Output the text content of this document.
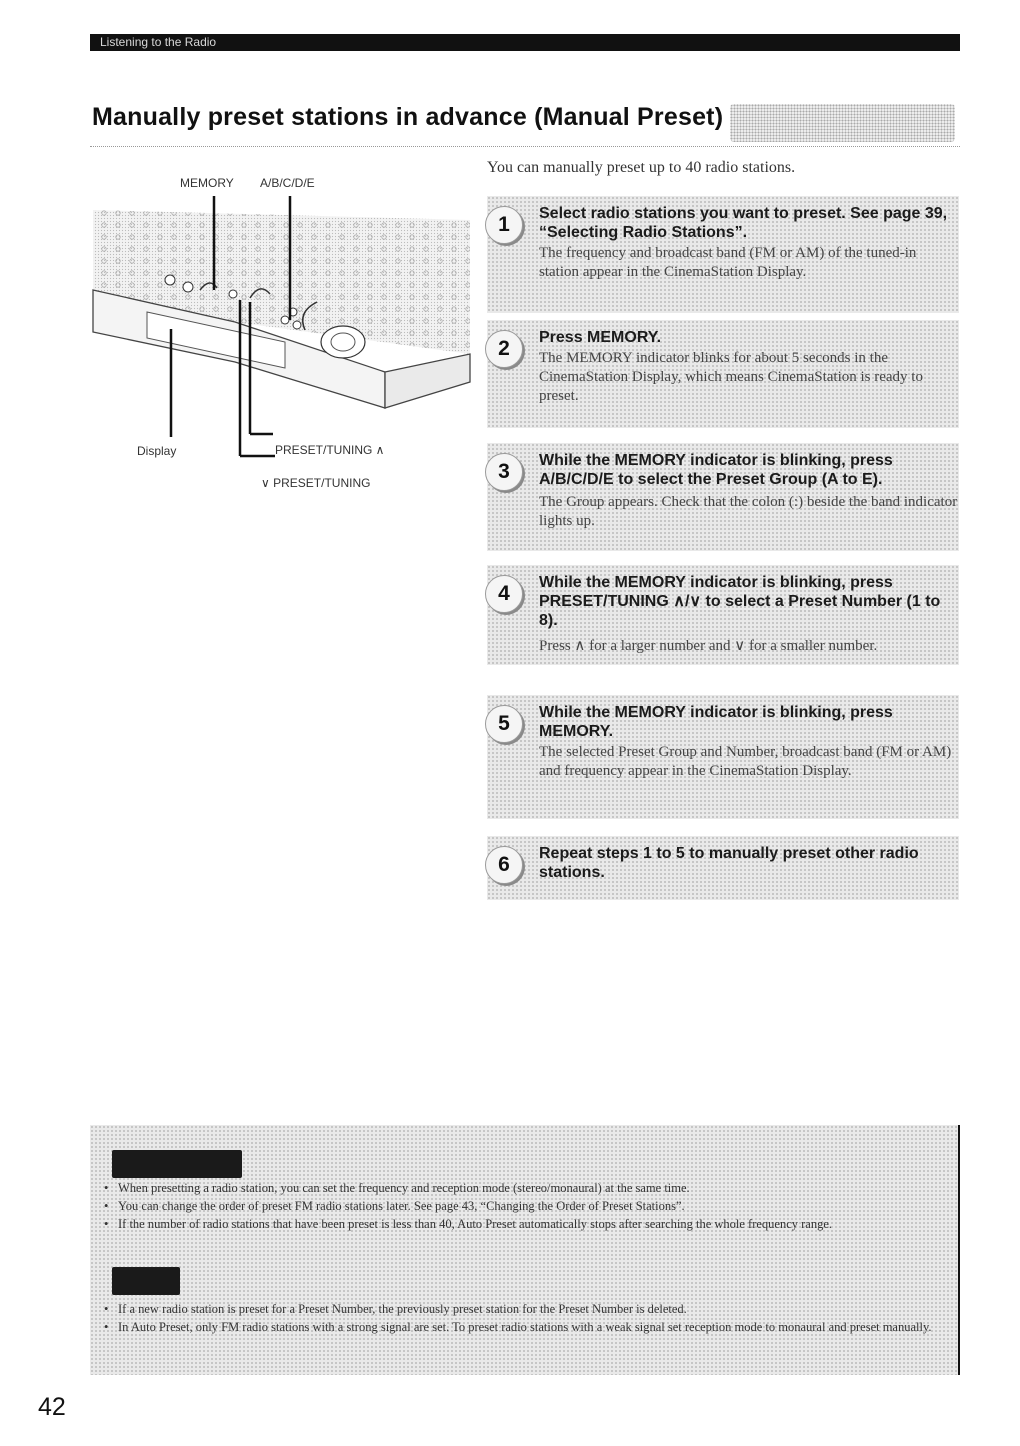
Listening to the Radio
Manually preset stations in advance (Manual Preset)
You can manually preset up to 40 radio stations.
MEMORY A/B/C/D/E
Display	PRESET/TUNING ∧
∨ PRESET/TUNING
1	Select radio stations you want to preset. See page 39, “Selecting Radio Stations”.
The frequency and broadcast band (FM or AM) of the tuned-in station appear in the CinemaStation Display.
2	Press MEMORY.
The MEMORY indicator blinks for about 5 seconds in the CinemaStation Display, which means CinemaStation is ready to preset.
3	While the MEMORY indicator is blinking, press A/B/C/D/E to select the Preset Group (A to E).
The Group appears. Check that the colon (:) beside the band indicator lights up.
4	While the MEMORY indicator is blinking, press PRESET/TUNING ∧/∨ to select a Preset Number (1 to 8).
Press ∧ for a larger number and ∨ for a smaller number.
5	While the MEMORY indicator is blinking, press MEMORY.
The selected Preset Group and Number, broadcast band (FM or AM) and frequency appear in the CinemaStation Display.
6	Repeat steps 1 to 5 to manually preset other radio stations.
• When presetting a radio station, you can set the frequency and reception mode (stereo/monaural) at the same time.
• You can change the order of preset FM radio stations later. See page 43, “Changing the Order of Preset Stations”.
• If the number of radio stations that have been preset is less than 40, Auto Preset automatically stops after searching the whole frequency range.
• If a new radio station is preset for a Preset Number, the previously preset station for the Preset Number is deleted.
• In Auto Preset, only FM radio stations with a strong signal are set. To preset radio stations with a weak signal set reception mode to monaural and preset manually.
42
